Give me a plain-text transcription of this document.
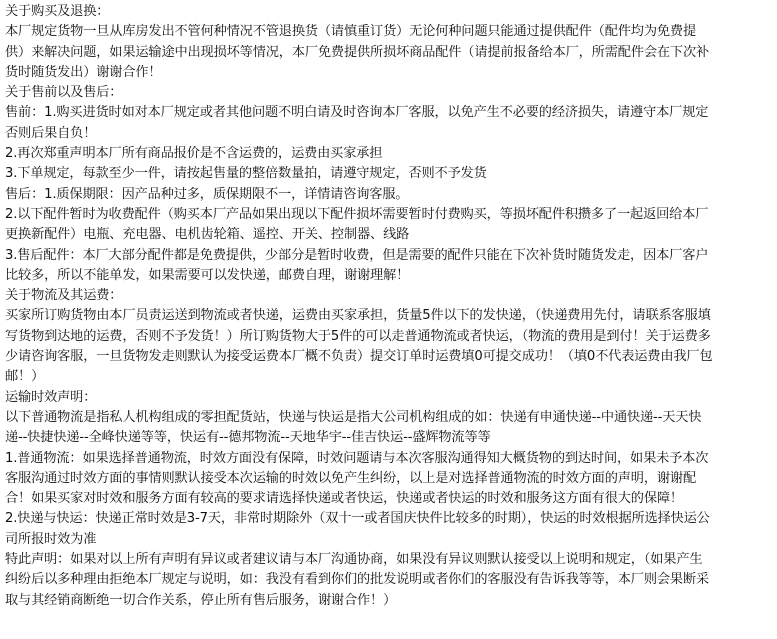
关于购买及退换：
本厂规定货物一旦从库房发出不管何种情况不管退换货（请慎重订货）无论何种问题只能通过提供配件（配件均为免费提
供）来解决问题，如果运输途中出现损坏等情况，本厂免费提供所损坏商品配件（请提前报备给本厂，所需配件会在下次补
货时随货发出）谢谢合作！
关于售前以及售后：
售前：1.购买进货时如对本厂规定或者其他问题不明白请及时咨询本厂客服，以免产生不必要的经济损失，请遵守本厂规定
否则后果自负！
2.再次郑重声明本厂所有商品报价是不含运费的，运费由买家承担
3.下单规定，每款至少一件，请按起售量的整倍数量拍，请遵守规定，否则不予发货
售后：1.质保期限：因产品种过多，质保期限不一，详情请咨询客服。
2.以下配件暂时为收费配件（购买本厂产品如果出现以下配件损坏需要暂时付费购买，等损坏配件积攒多了一起返回给本厂
更换新配件）电瓶、充电器、电机齿轮箱、遥控、开关、控制器、线路
3.售后配件：本厂大部分配件都是免费提供，少部分是暂时收费，但是需要的配件只能在下次补货时随货发走，因本厂客户
比较多，所以不能单发，如果需要可以发快递，邮费自理，谢谢理解！
关于物流及其运费：
买家所订购货物由本厂员责运送到物流或者快递，运费由买家承担，货量5件以下的发快递，（快递费用先付，请联系客服填
写货物到达地的运费，否则不予发货！）所订购货物大于5件的可以走普通物流或者快运，（物流的费用是到付！关于运费多
少请咨询客服，一旦货物发走则默认为接受运费本厂概不负责）提交订单时运费填0可提交成功！（填0不代表运费由我厂包
邮！）
运输时效声明：
以下普通物流是指私人机构组成的零担配货站，快递与快运是指大公司机构组成的如：快递有申通快递--中通快递--天天快
递--快捷快递--全峰快递等等，快运有--德邦物流--天地华宇--佳吉快运--盛辉物流等等
1.普通物流：如果选择普通物流，时效方面没有保障，时效问题请与本次客服沟通得知大概货物的到达时间，如果未予本次
客服沟通过时效方面的事情则默认接受本次运输的时效以免产生纠纷，以上是对选择普通物流的时效方面的声明，谢谢配
合！如果买家对时效和服务方面有较高的要求请选择快递或者快运，快递或者快运的时效和服务这方面有很大的保障！
2.快递与快运：快递正常时效是3-7天，非常时期除外（双十一或者国庆快件比较多的时期），快运的时效根据所选择快运公
司所报时效为准
特此声明：如果对以上所有声明有异议或者建议请与本厂沟通协商，如果没有异议则默认接受以上说明和规定，（如果产生
纠纷后以多种理由拒绝本厂规定与说明，如：我没有看到你们的批发说明或者你们的客服没有告诉我等等，本厂则会果断采
取与其经销商断绝一切合作关系，停止所有售后服务，谢谢合作！）
